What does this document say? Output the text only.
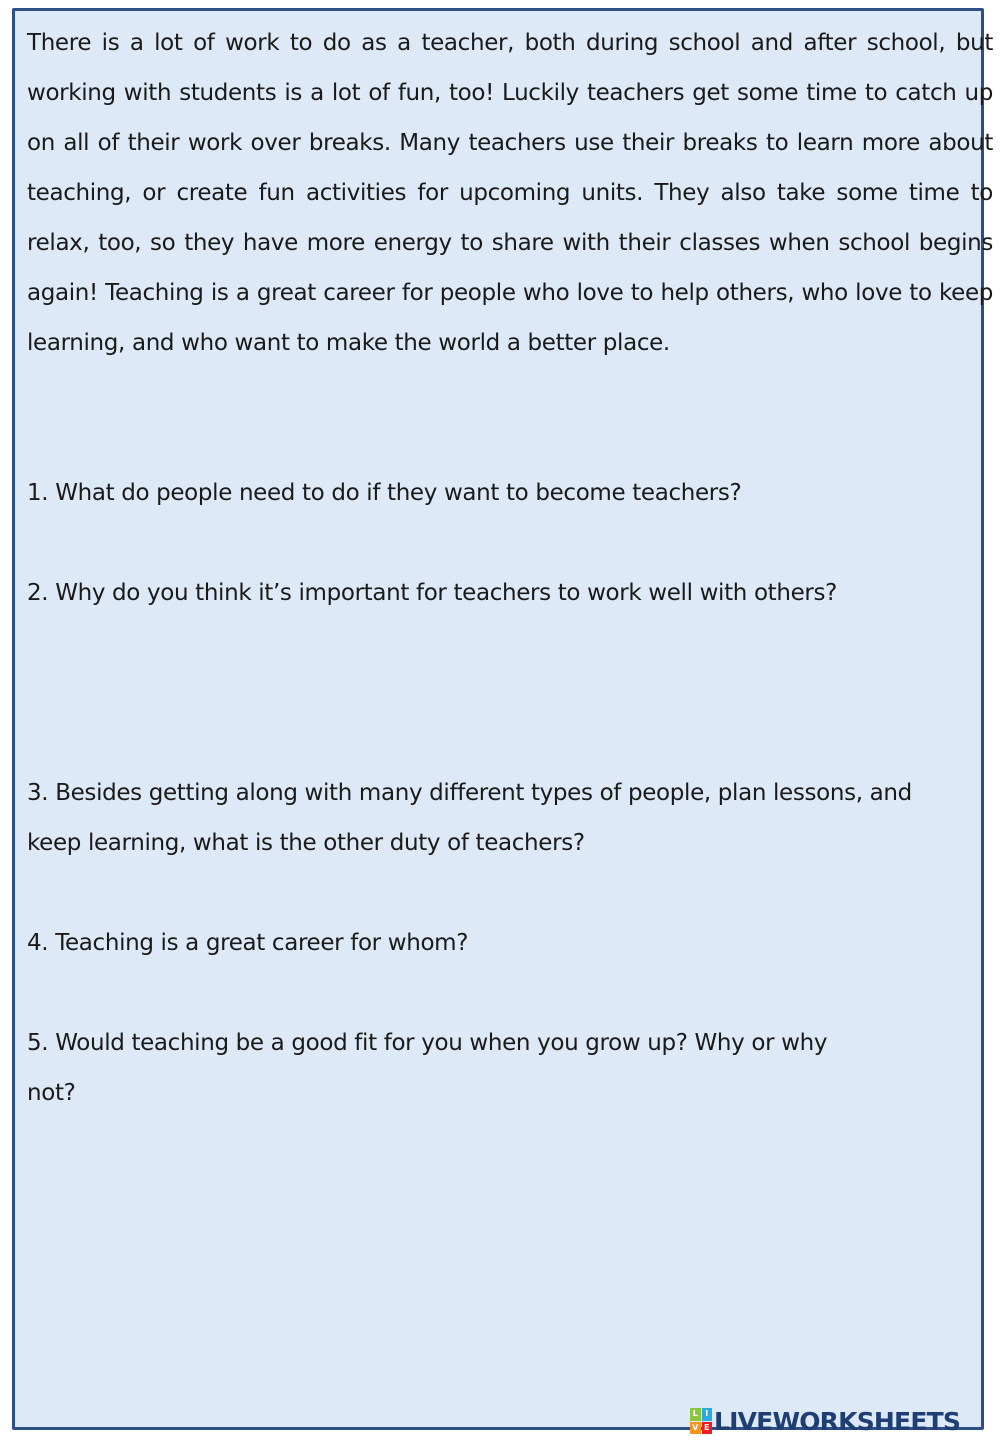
There is a lot of work to do as a teacher, both during school and after school, but working with students is a lot of fun, too! Luckily teachers get some time to catch up on all of their work over breaks. Many teachers use their breaks to learn more about teaching, or create fun activities for upcoming units. They also take some time to relax, too, so they have more energy to share with their classes when school begins again! Teaching is a great career for people who love to help others, who love to keep learning, and who want to make the world a better place.

1. What do people need to do if they want to become teachers?

2. Why do you think it’s important for teachers to work well with others?

3. Besides getting along with many different types of people, plan lessons, and keep learning, what is the other duty of teachers?

4. Teaching is a great career for whom?

5. Would teaching be a good fit for you when you grow up? Why or why not?

L I
V E LIVEWORKSHEETS
